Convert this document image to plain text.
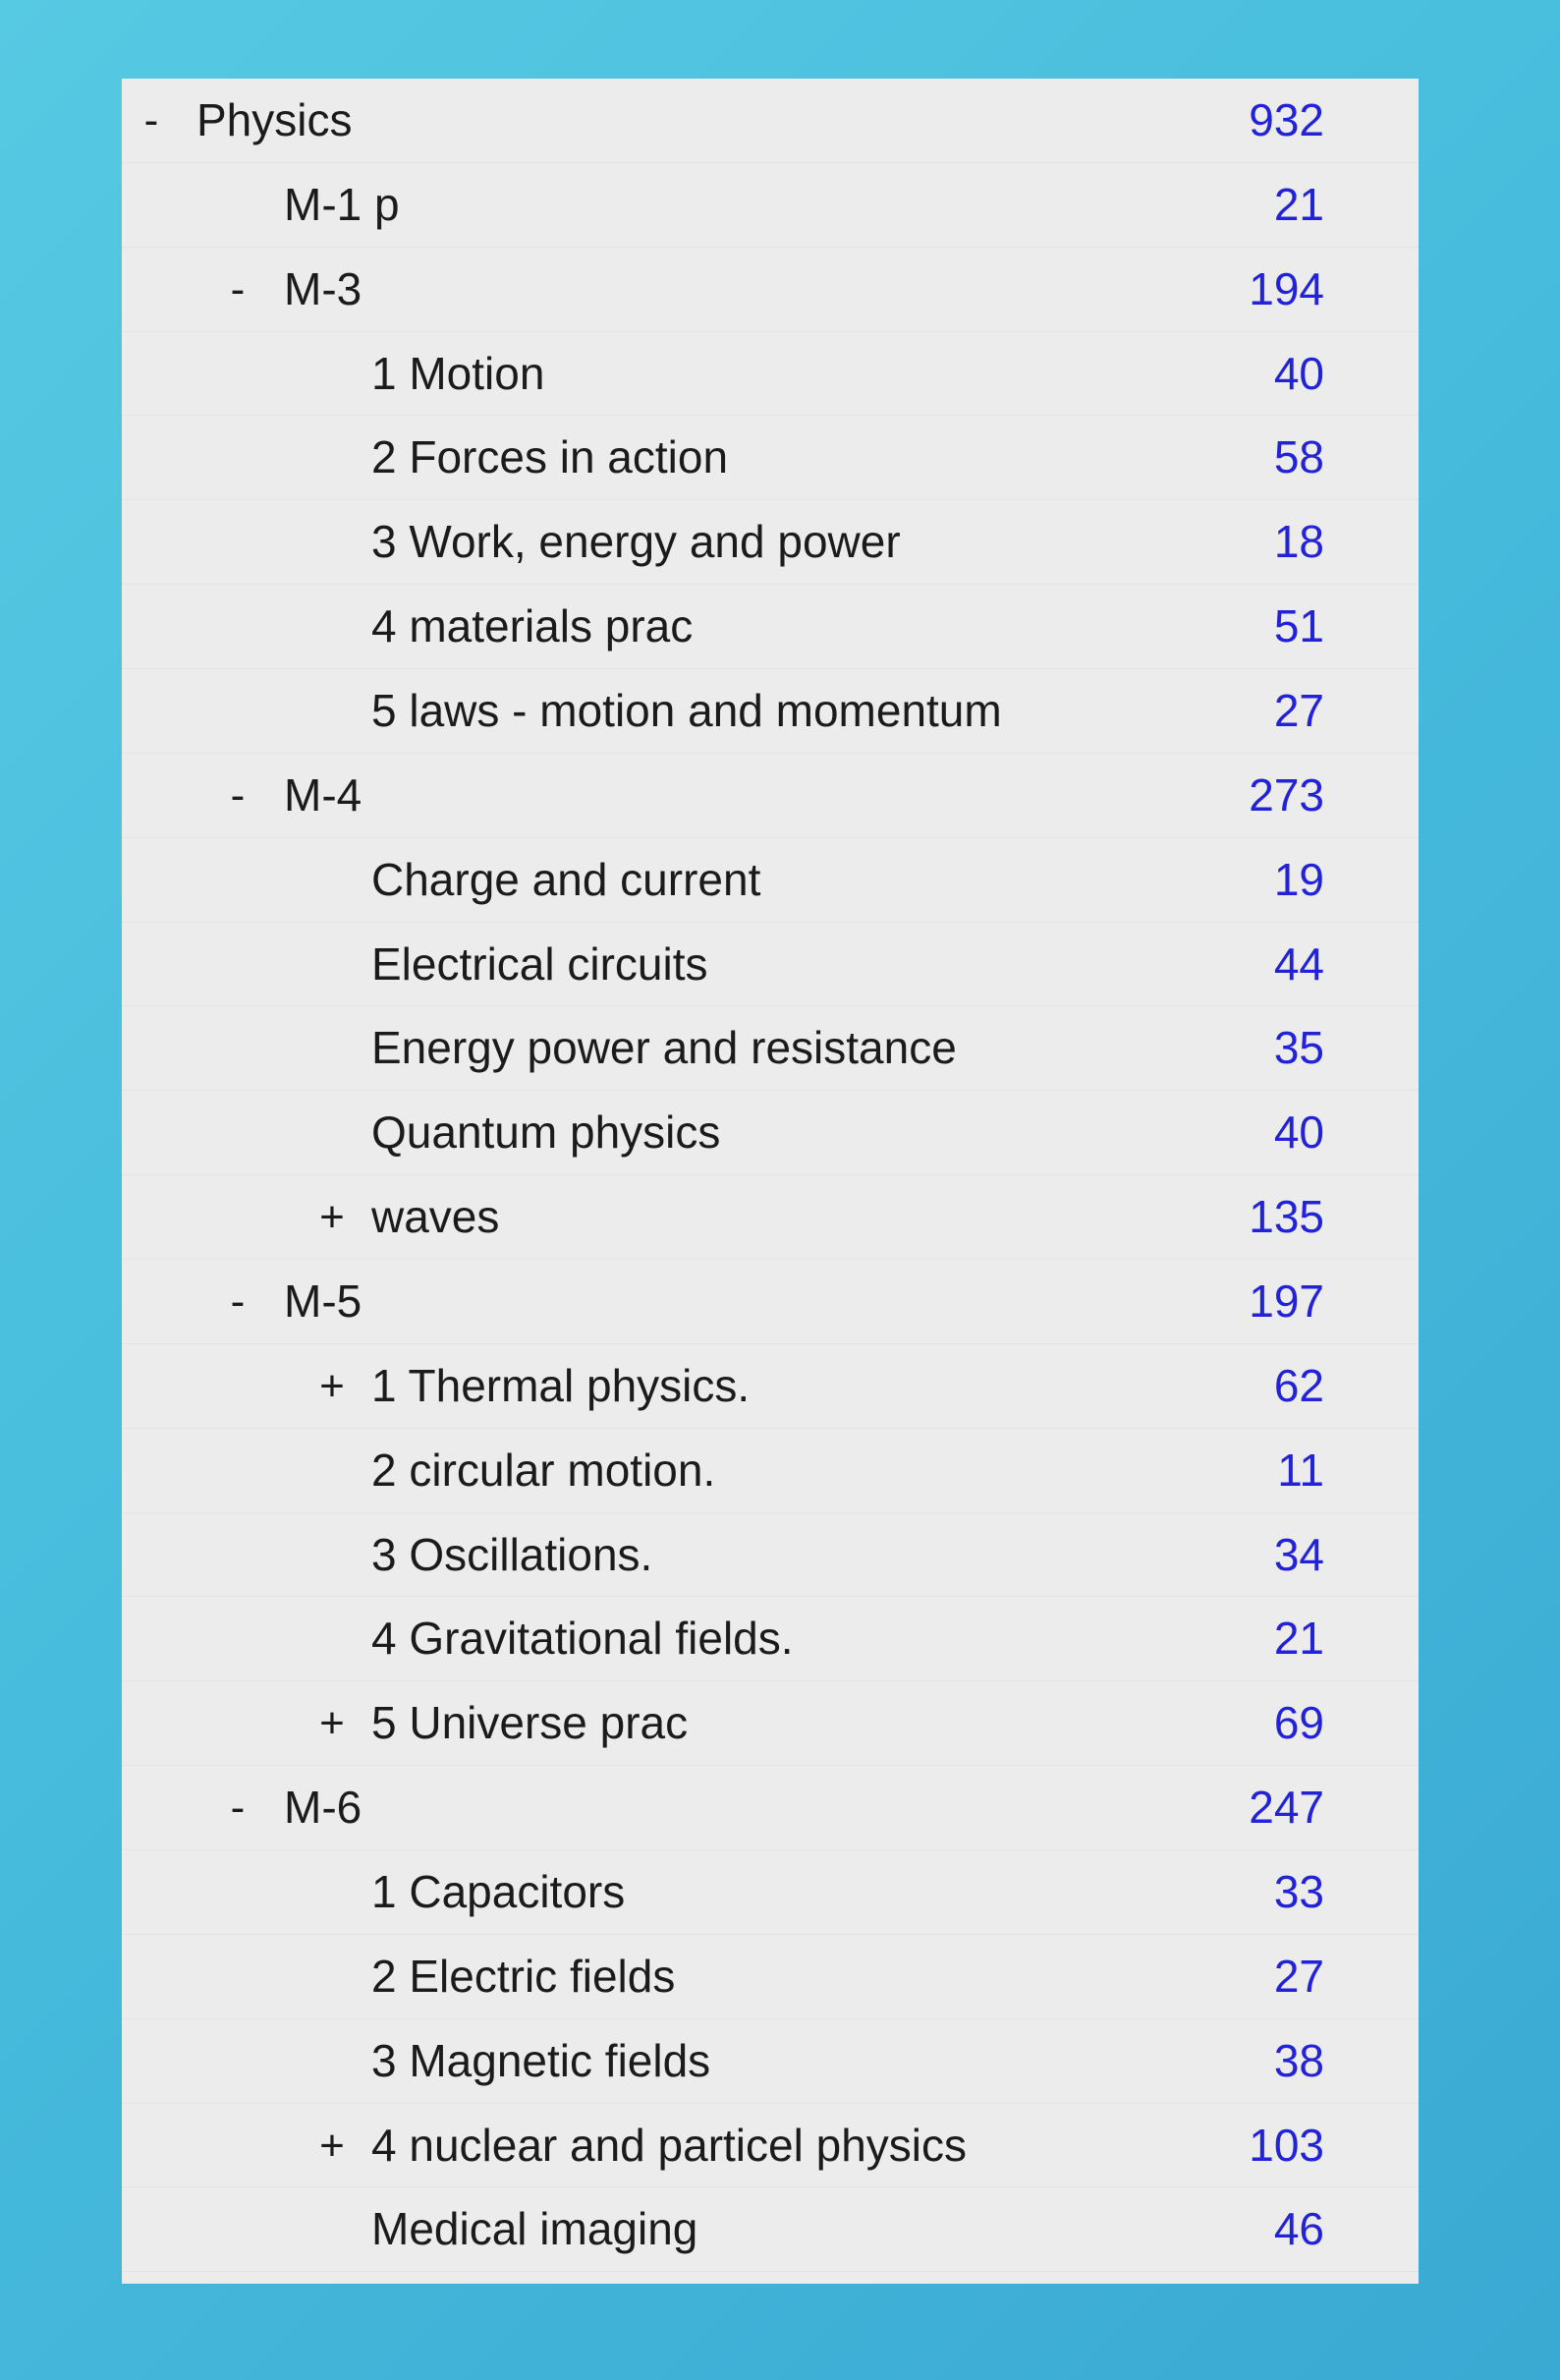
- Physics	932
M-1 p	21
- M-3	194
1 Motion	40
2 Forces in action	58
3 Work, energy and power	18
4 materials prac	51
5 laws - motion and momentum	27
- M-4	273
Charge and current	19
Electrical circuits	44
Energy power and resistance	35
Quantum physics	40
+ waves	135
- M-5	197
+ 1 Thermal physics.	62
2 circular motion.	11
3 Oscillations.	34
4 Gravitational fields.	21
+ 5 Universe prac	69
- M-6	247
1 Capacitors	33
2 Electric fields	27
3 Magnetic fields	38
+ 4 nuclear and particel physics	103
Medical imaging	46
